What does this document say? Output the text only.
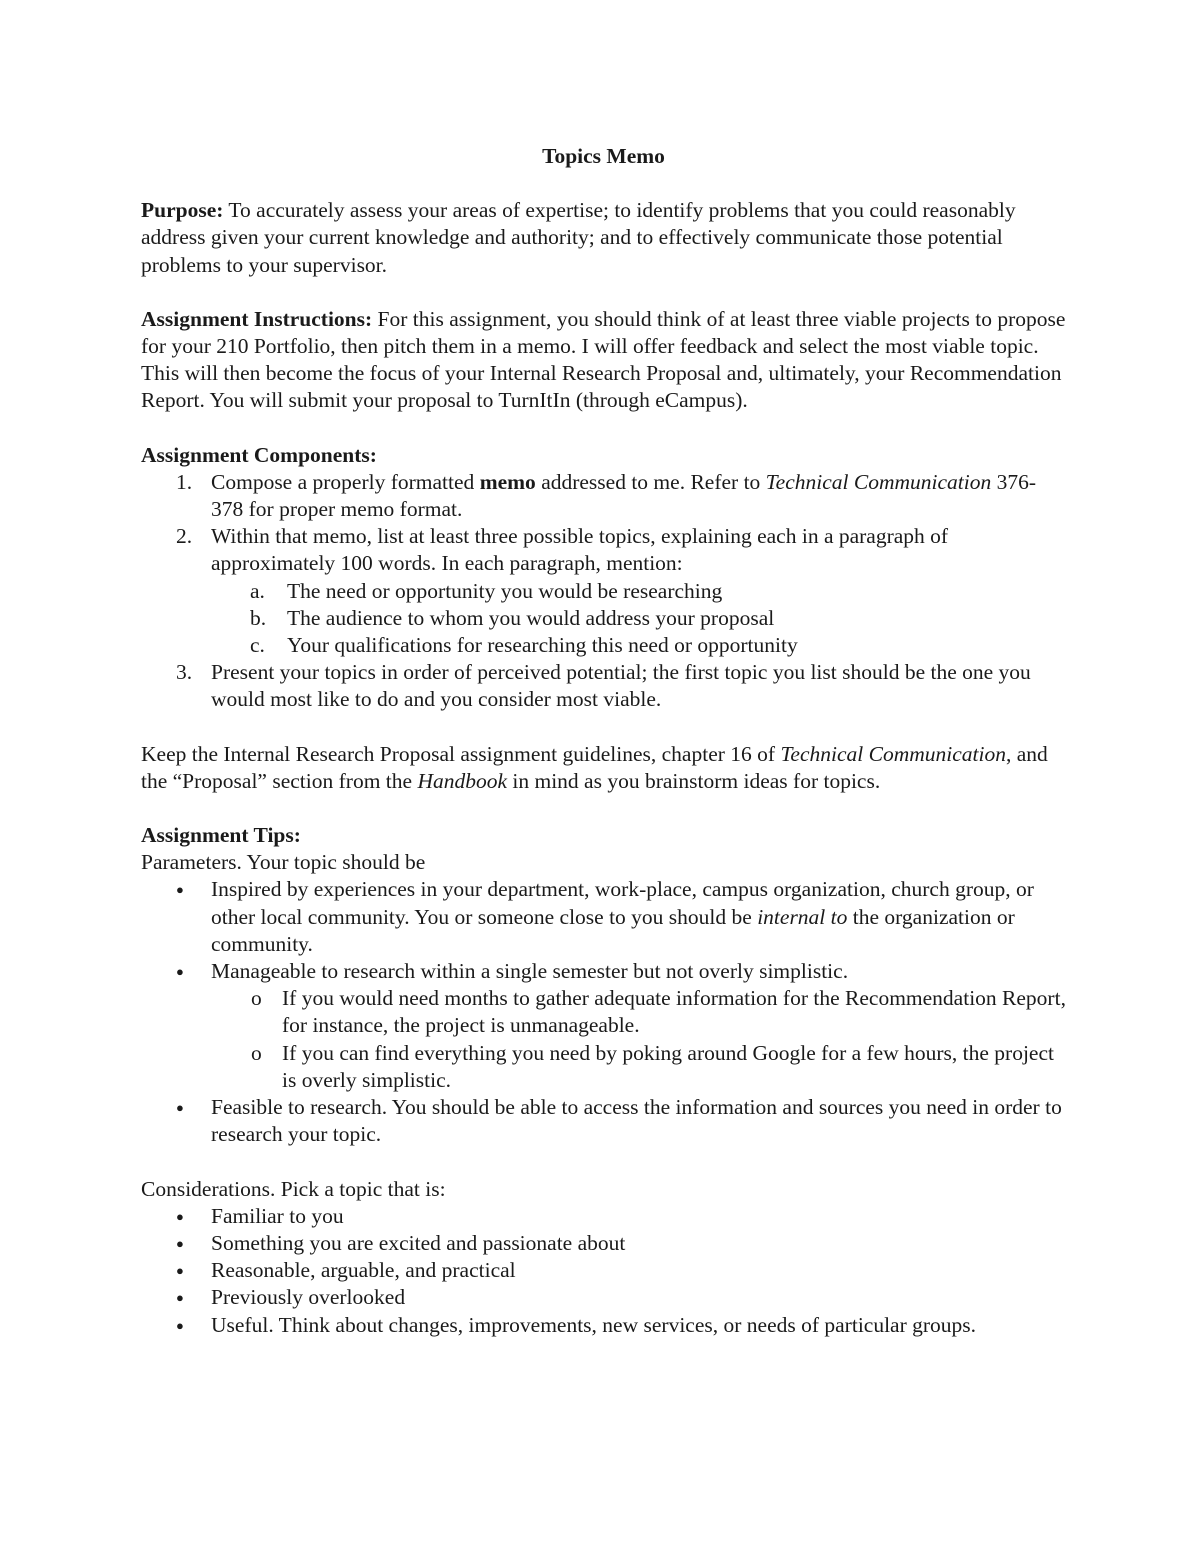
Topics Memo

Purpose: To accurately assess your areas of expertise; to identify problems that you could reasonably address given your current knowledge and authority; and to effectively communicate those potential problems to your supervisor.

Assignment Instructions: For this assignment, you should think of at least three viable projects to propose for your 210 Portfolio, then pitch them in a memo. I will offer feedback and select the most viable topic. This will then become the focus of your Internal Research Proposal and, ultimately, your Recommendation Report. You will submit your proposal to TurnItIn (through eCampus).

Assignment Components:

1. Compose a properly formatted memo addressed to me. Refer to Technical Communication 376-378 for proper memo format.
2. Within that memo, list at least three possible topics, explaining each in a paragraph of approximately 100 words. In each paragraph, mention:
a. The need or opportunity you would be researching
b. The audience to whom you would address your proposal
c. Your qualifications for researching this need or opportunity
3. Present your topics in order of perceived potential; the first topic you list should be the one you would most like to do and you consider most viable.

Keep the Internal Research Proposal assignment guidelines, chapter 16 of Technical Communication, and the “Proposal” section from the Handbook in mind as you brainstorm ideas for topics.

Assignment Tips:

Parameters. Your topic should be

● Inspired by experiences in your department, work-place, campus organization, church group, or other local community. You or someone close to you should be internal to the organization or community.
● Manageable to research within a single semester but not overly simplistic.
o If you would need months to gather adequate information for the Recommendation Report, for instance, the project is unmanageable.
o If you can find everything you need by poking around Google for a few hours, the project is overly simplistic.
● Feasible to research. You should be able to access the information and sources you need in order to research your topic.

Considerations. Pick a topic that is:

● Familiar to you
● Something you are excited and passionate about
● Reasonable, arguable, and practical
● Previously overlooked
● Useful. Think about changes, improvements, new services, or needs of particular groups.
